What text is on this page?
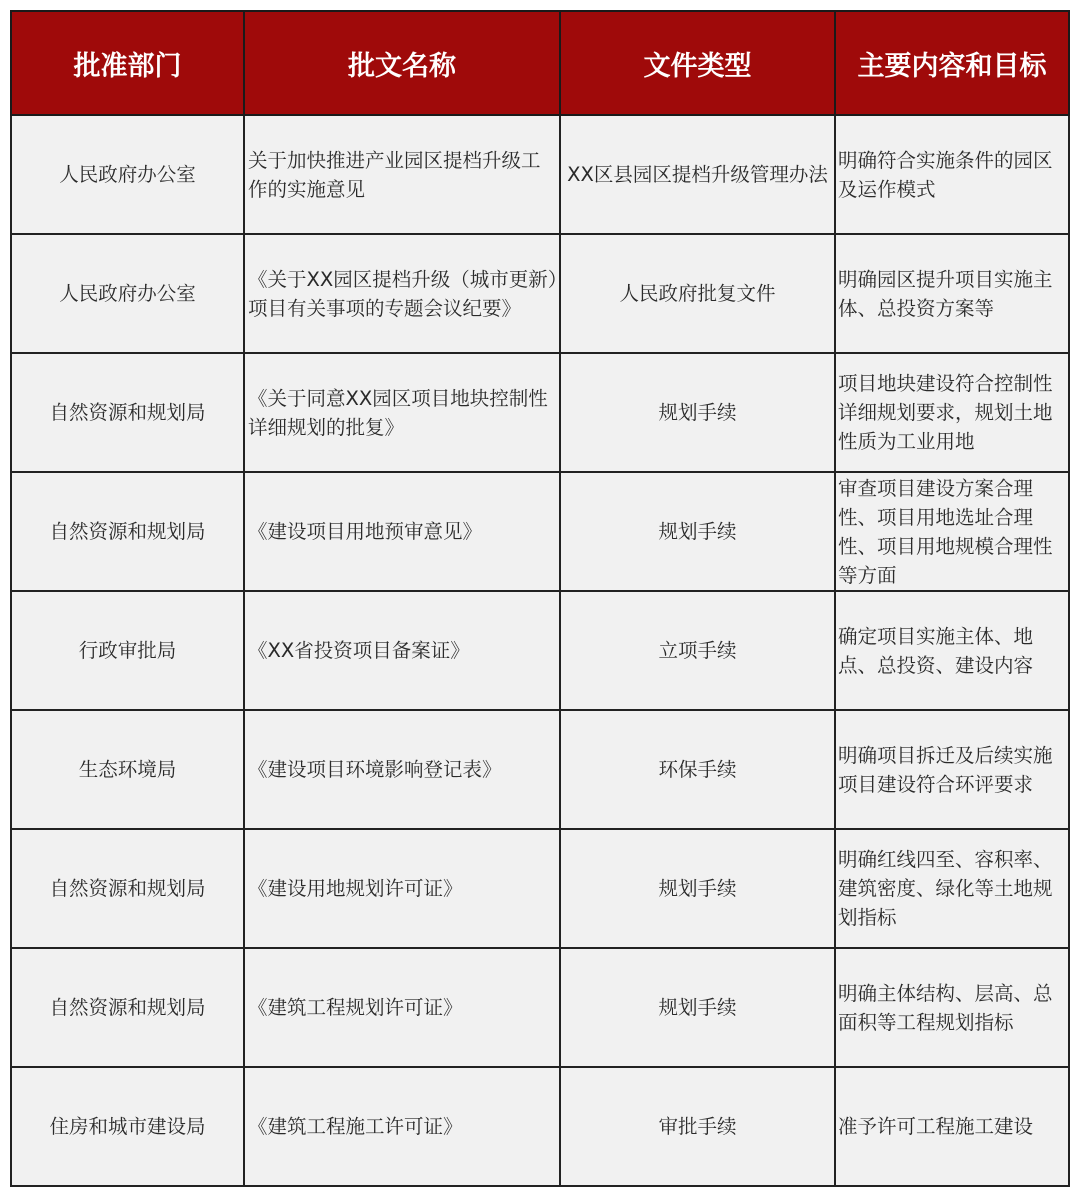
批准部门	批文名称	文件类型	主要内容和目标
人民政府办公室	关于加快推进产业园区提档升级工作的实施意见	XX区县园区提档升级管理办法	明确符合实施条件的园区及运作模式
人民政府办公室	《关于XX园区提档升级（城市更新）项目有关事项的专题会议纪要》	人民政府批复文件	明确园区提升项目实施主体、总投资方案等
自然资源和规划局	《关于同意XX园区项目地块控制性详细规划的批复》	规划手续	项目地块建设符合控制性详细规划要求，规划土地性质为工业用地
自然资源和规划局	《建设项目用地预审意见》	规划手续	审查项目建设方案合理性、项目用地选址合理性、项目用地规模合理性等方面
行政审批局	《XX省投资项目备案证》	立项手续	确定项目实施主体、地点、总投资、建设内容
生态环境局	《建设项目环境影响登记表》	环保手续	明确项目拆迁及后续实施项目建设符合环评要求
自然资源和规划局	《建设用地规划许可证》	规划手续	明确红线四至、容积率、建筑密度、绿化等土地规划指标
自然资源和规划局	《建筑工程规划许可证》	规划手续	明确主体结构、层高、总面积等工程规划指标
住房和城市建设局	《建筑工程施工许可证》	审批手续	准予许可工程施工建设
